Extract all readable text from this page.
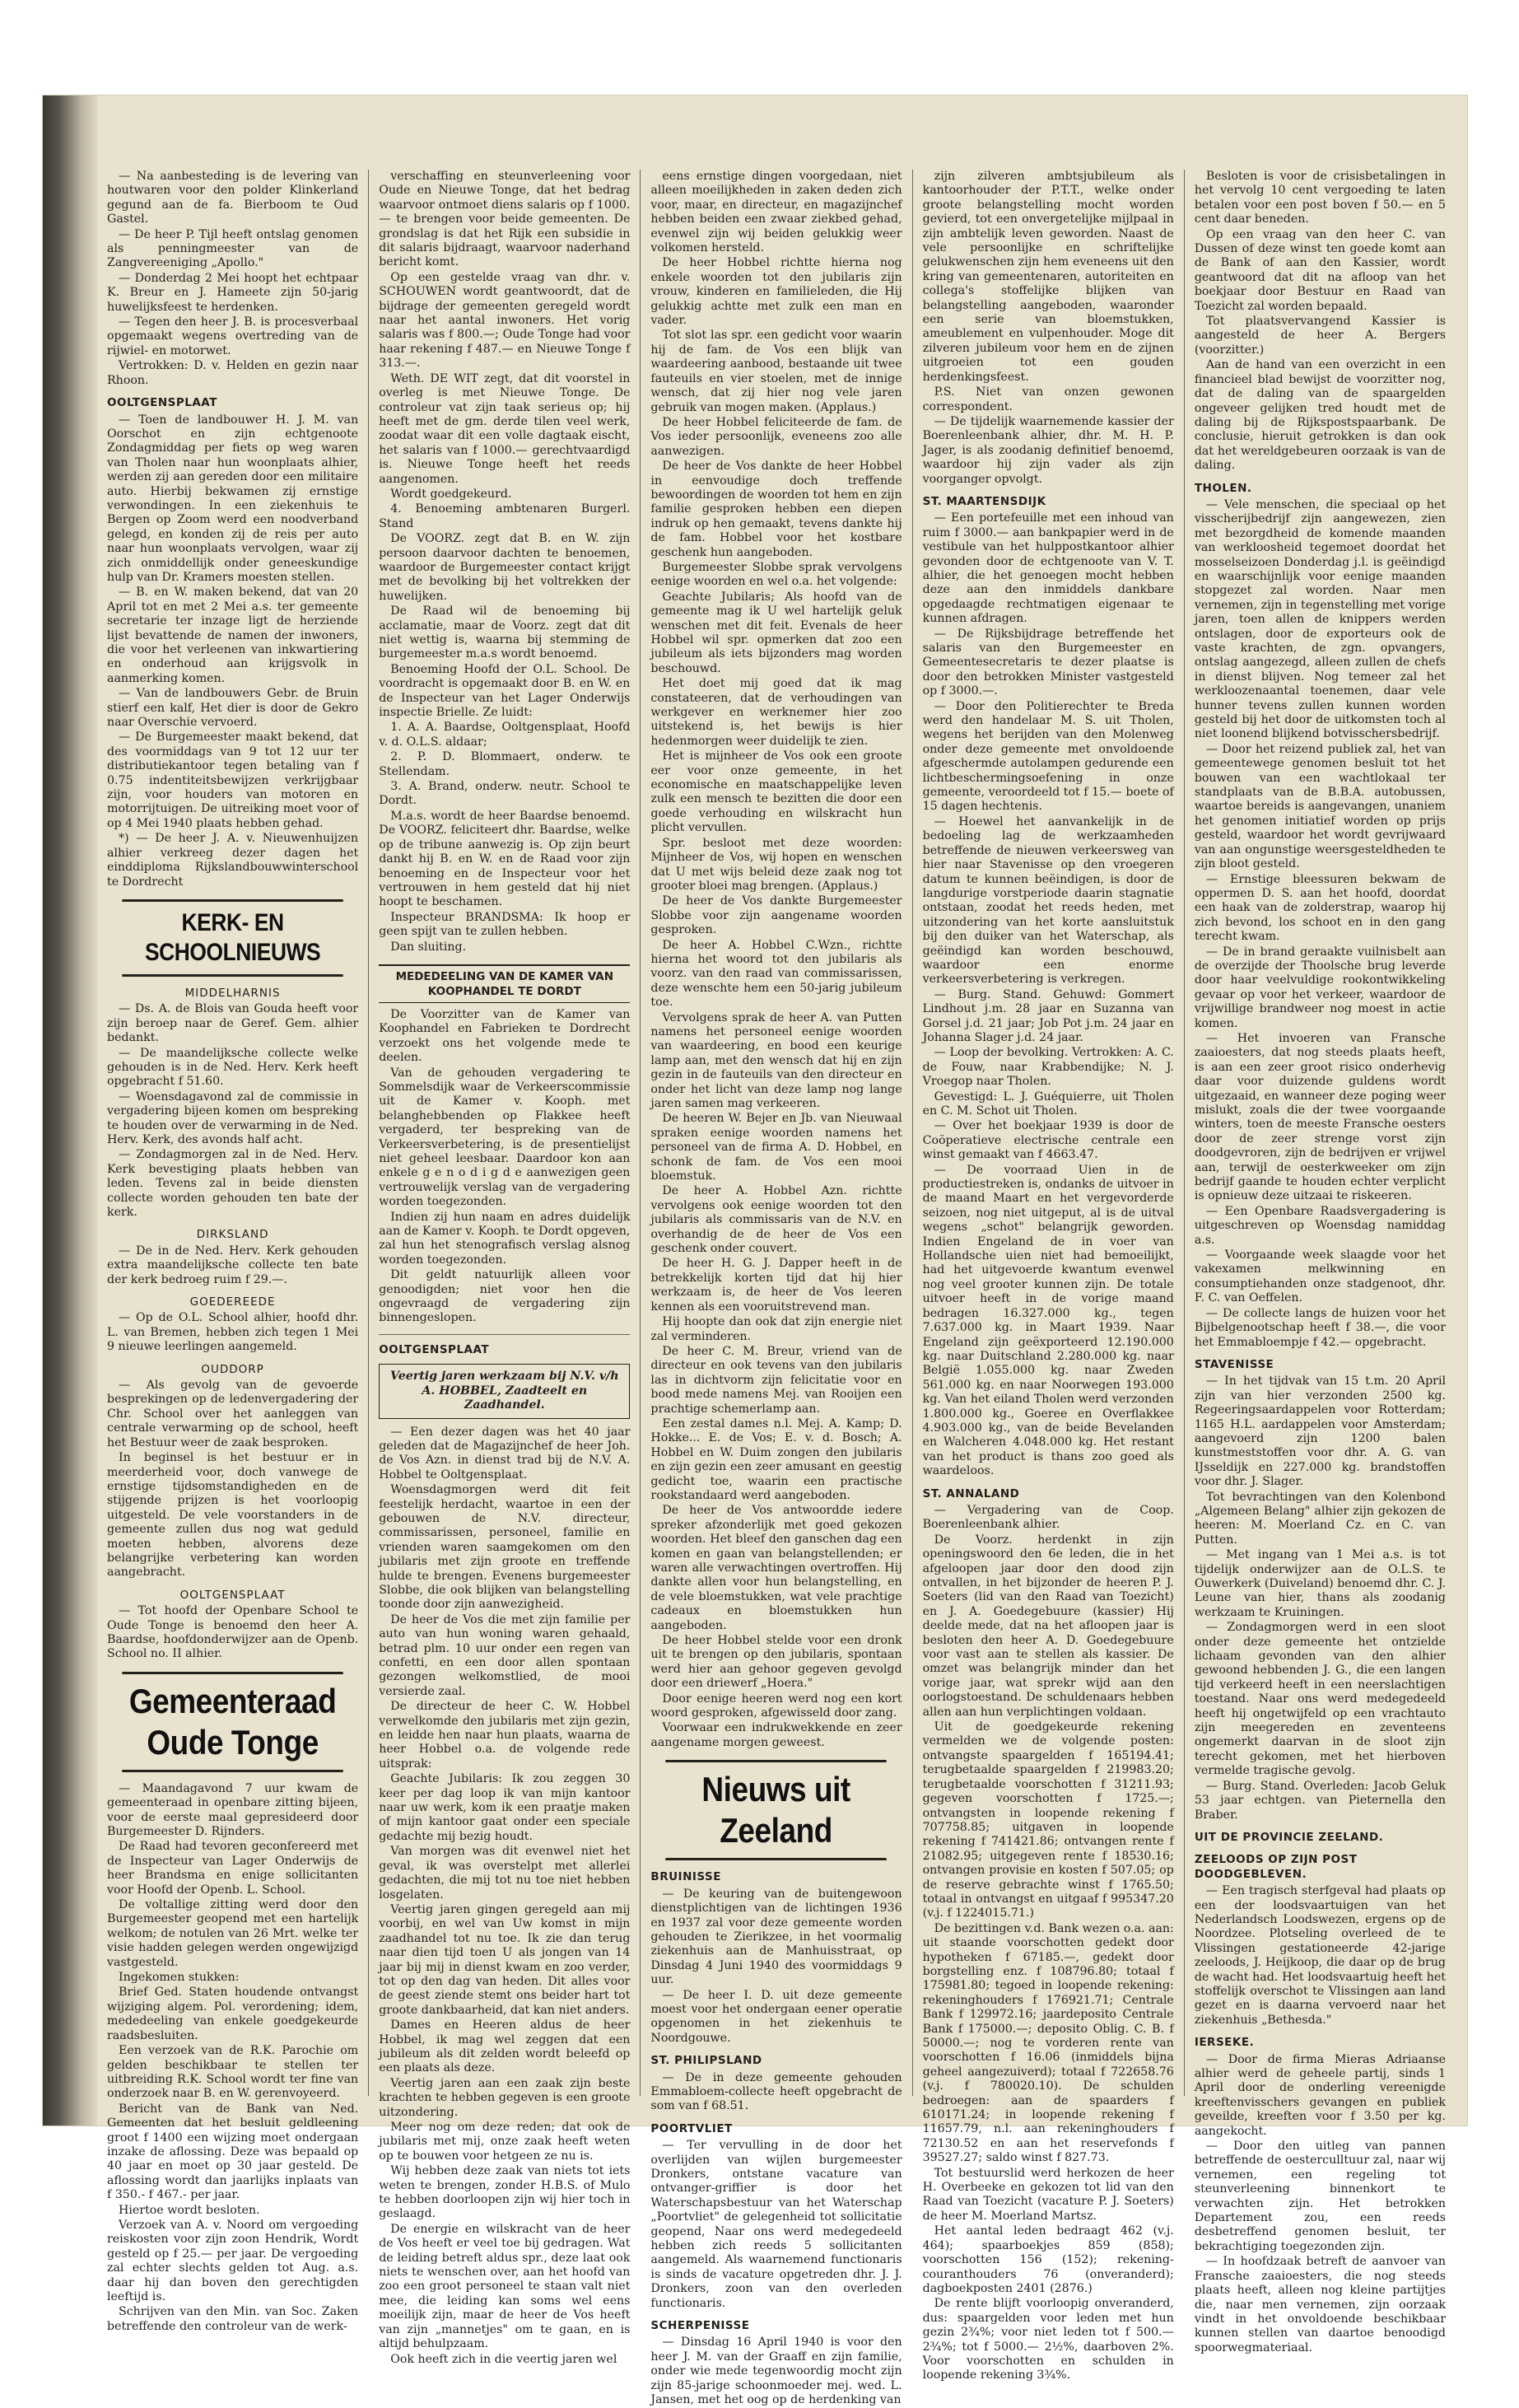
— Na aanbesteding is de levering van houtwaren voor den polder Klinkerland gegund aan de fa. Bierboom te Oud Gastel.

— De heer P. Tijl heeft ontslag genomen als penningmeester van de Zangvereeniging „Apollo."

— Donderdag 2 Mei hoopt het echtpaar K. Breur en J. Hameete zijn 50-jarig huwelijksfeest te herdenken.

— Tegen den heer J. B. is procesverbaal opgemaakt wegens overtreding van de rijwiel- en motorwet.

Vertrokken: D. v. Helden en gezin naar Rhoon.

OOLTGENSPLAAT

— Toen de landbouwer H. J. M. van Oorschot en zijn echtgenoote Zondagmiddag per fiets op weg waren van Tholen naar hun woonplaats alhier, werden zij aan gereden door een militaire auto. Hierbij bekwamen zij ernstige verwondingen. In een ziekenhuis te Bergen op Zoom werd een noodverband gelegd, en konden zij de reis per auto naar hun woonplaats vervolgen, waar zij zich onmiddellijk onder geneeskundige hulp van Dr. Kramers moesten stellen.

— B. en W. maken bekend, dat van 20 April tot en met 2 Mei a.s. ter gemeente secretarie ter inzage ligt de herziende lijst bevattende de namen der inwoners, die voor het verleenen van inkwartiering en onderhoud aan krijgsvolk in aanmerking komen.

— Van de landbouwers Gebr. de Bruin stierf een kalf, Het dier is door de Gekro naar Overschie vervoerd.

— De Burgemeester maakt bekend, dat des voormiddags van 9 tot 12 uur ter distributiekantoor tegen betaling van f 0.75 indentiteitsbewijzen verkrijgbaar zijn, voor houders van motoren en motorrijtuigen. De uitreiking moet voor of op 4 Mei 1940 plaats hebben gehad.

*) — De heer J. A. v. Nieuwenhuijzen alhier verkreeg dezer dagen het einddiploma Rijkslandbouwwinterschool te Dordrecht

KERK- EN SCHOOLNIEUWS
MIDDELHARNIS

— Ds. A. de Blois van Gouda heeft voor zijn beroep naar de Geref. Gem. alhier bedankt.

— De maandelijksche collecte welke gehouden is in de Ned. Herv. Kerk heeft opgebracht f 51.60.

— Woensdagavond zal de commissie in vergadering bijeen komen om bespreking te houden over de verwarming in de Ned. Herv. Kerk, des avonds half acht.

— Zondagmorgen zal in de Ned. Herv. Kerk bevestiging plaats hebben van leden. Tevens zal in beide diensten collecte worden gehouden ten bate der kerk.

DIRKSLAND

— De in de Ned. Herv. Kerk gehouden extra maandelijksche collecte ten bate der kerk bedroeg ruim f 29.—.

GOEDEREEDE

— Op de O.L. School alhier, hoofd dhr. L. van Bremen, hebben zich tegen 1 Mei 9 nieuwe leerlingen aangemeld.

OUDDORP

— Als gevolg van de gevoerde besprekingen op de ledenvergadering der Chr. School over het aanleggen van centrale verwarming op de school, heeft het Bestuur weer de zaak besproken.

In beginsel is het bestuur er in meerderheid voor, doch vanwege de ernstige tijdsomstandigheden en de stijgende prijzen is het voorloopig uitgesteld. De vele voorstanders in de gemeente zullen dus nog wat geduld moeten hebben, alvorens deze belangrijke verbetering kan worden aangebracht.

OOLTGENSPLAAT

— Tot hoofd der Openbare School te Oude Tonge is benoemd den heer A. Baardse, hoofdonderwijzer aan de Openb. School no. II alhier.

Gemeenteraad Oude Tonge

— Maandagavond 7 uur kwam de gemeenteraad in openbare zitting bijeen, voor de eerste maal gepresideerd door Burgemeester D. Rijnders.

De Raad had tevoren geconfereerd met de Inspecteur van Lager Onderwijs de heer Brandsma en enige sollicitanten voor Hoofd der Openb. L. School.

De voltallige zitting werd door den Burgemeester geopend met een hartelijk welkom; de notulen van 26 Mrt. welke ter visie hadden gelegen werden ongewijzigd vastgesteld.

Ingekomen stukken:

Brief Ged. Staten houdende ontvangst wijziging algem. Pol. verordening; idem, mededeeling van enkele goedgekeurde raadsbesluiten.

Een verzoek van de R.K. Parochie om gelden beschikbaar te stellen ter uitbreiding R.K. School wordt ter fine van onderzoek naar B. en W. gerenvoyeerd.

Bericht van de Bank van Ned. Gemeenten dat het besluit geldleening groot f 1400 een wijzing moet ondergaan inzake de aflossing. Deze was bepaald op 40 jaar en moet op 30 jaar gesteld. De aflossing wordt dan jaarlijks inplaats van f 350.- f 467.- per jaar.

Hiertoe wordt besloten.

Verzoek van A. v. Noord om vergoeding reiskosten voor zijn zoon Hendrik, Wordt gesteld op f 25.— per jaar. De vergoeding zal echter slechts gelden tot Aug. a.s. daar hij dan boven den gerechtigden leeftijd is.

Schrijven van den Min. van Soc. Zaken betreffende den controleur van de werk-

verschaffing en steunverleening voor Oude en Nieuwe Tonge, dat het bedrag waarvoor ontmoet diens salaris op f 1000.— te brengen voor beide gemeenten. De grondslag is dat het Rijk een subsidie in dit salaris bijdraagt, waarvoor naderhand bericht komt.

Op een gestelde vraag van dhr. v. SCHOUWEN wordt geantwoordt, dat de bijdrage der gemeenten geregeld wordt naar het aantal inwoners. Het vorig salaris was f 800.—; Oude Tonge had voor haar rekening f 487.— en Nieuwe Tonge f 313.—.

Weth. DE WIT zegt, dat dit voorstel in overleg is met Nieuwe Tonge. De controleur vat zijn taak serieus op; hij heeft met de gm. derde tilen veel werk, zoodat waar dit een volle dagtaak eischt, het salaris van f 1000.— gerechtvaardigd is. Nieuwe Tonge heeft het reeds aangenomen.

Wordt goedgekeurd.

4. Benoeming ambtenaren Burgerl. Stand

De VOORZ. zegt dat B. en W. zijn persoon daarvoor dachten te benoemen, waardoor de Burgemeester contact krijgt met de bevolking bij het voltrekken der huwelijken.

De Raad wil de benoeming bij acclamatie, maar de Voorz. zegt dat dit niet wettig is, waarna bij stemming de burgemeester m.a.s wordt benoemd.

Benoeming Hoofd der O.L. School. De voordracht is opgemaakt door B. en W. en de Inspecteur van het Lager Onderwijs inspectie Brielle. Ze luidt:

1. A. A. Baardse, Ooltgensplaat, Hoofd v. d. O.L.S. aldaar;

2. P. D. Blommaert, onderw. te Stellendam.

3. A. Brand, onderw. neutr. School te Dordt.

M.a.s. wordt de heer Baardse benoemd. De VOORZ. feliciteert dhr. Baardse, welke op de tribune aanwezig is. Op zijn beurt dankt hij B. en W. en de Raad voor zijn benoeming en de Inspecteur voor het vertrouwen in hem gesteld dat hij niet hoopt te beschamen.

Inspecteur BRANDSMA: Ik hoop er geen spijt van te zullen hebben.

Dan sluiting.

MEDEDEELING VAN DE KAMER VAN KOOPHANDEL TE DORDT

De Voorzitter van de Kamer van Koophandel en Fabrieken te Dordrecht verzoekt ons het volgende mede te deelen.

Van de gehouden vergadering te Sommelsdijk waar de Verkeerscommissie uit de Kamer v. Kooph. met belanghebbenden op Flakkee heeft vergaderd, ter bespreking van de Verkeersverbetering, is de presentielijst niet geheel leesbaar. Daardoor kon aan enkele g e n o d i g d e aanwezigen geen vertrouwelijk verslag van de vergadering worden toegezonden.

Indien zij hun naam en adres duidelijk aan de Kamer v. Kooph. te Dordt opgeven, zal hun het stenografisch verslag alsnog worden toegezonden.

Dit geldt natuurlijk alleen voor genoodigden; niet voor hen die ongevraagd de vergadering zijn binnengeslopen.

OOLTGENSPLAAT
Veertig jaren werkzaam bij N.V. v/h A. HOBBEL, Zaadteelt en Zaadhandel.

— Een dezer dagen was het 40 jaar geleden dat de Magazijnchef de heer Joh. de Vos Azn. in dienst trad bij de N.V. A. Hobbel te Ooltgensplaat.

Woensdagmorgen werd dit feit feestelijk herdacht, waartoe in een der gebouwen de N.V. directeur, commissarissen, personeel, familie en vrienden waren saamgekomen om den jubilaris met zijn groote en treffende hulde te brengen. Evenens burgemeester Slobbe, die ook blijken van belangstelling toonde door zijn aanwezigheid.

De heer de Vos die met zijn familie per auto van hun woning waren gehaald, betrad plm. 10 uur onder een regen van confetti, en een door allen spontaan gezongen welkomstlied, de mooi versierde zaal.

De directeur de heer C. W. Hobbel verwelkomde den jubilaris met zijn gezin, en leidde hen naar hun plaats, waarna de heer Hobbel o.a. de volgende rede uitsprak:

Geachte Jubilaris: Ik zou zeggen 30 keer per dag loop ik van mijn kantoor naar uw werk, kom ik een praatje maken of mijn kantoor gaat onder een speciale gedachte mij bezig houdt.

Van morgen was dit evenwel niet het geval, ik was overstelpt met allerlei gedachten, die mij tot nu toe niet hebben losgelaten.

Veertig jaren gingen geregeld aan mij voorbij, en wel van Uw komst in mijn zaadhandel tot nu toe. Ik zie dan terug naar dien tijd toen U als jongen van 14 jaar bij mij in dienst kwam en zoo verder, tot op den dag van heden. Dit alles voor de geest ziende stemt ons beider hart tot groote dankbaarheid, dat kan niet anders.

Dames en Heeren aldus de heer Hobbel, ik mag wel zeggen dat een jubileum als dit zelden wordt beleefd op een plaats als deze.

Veertig jaren aan een zaak zijn beste krachten te hebben gegeven is een groote uitzondering.

Meer nog om deze reden; dat ook de jubilaris met mij, onze zaak heeft weten op te bouwen voor hetgeen ze nu is.

Wij hebben deze zaak van niets tot iets weten te brengen, zonder H.B.S. of Mulo te hebben doorloopen zijn wij hier toch in geslaagd.

De energie en wilskracht van de heer de Vos heeft er veel toe bij gedragen. Wat de leiding betreft aldus spr., deze laat ook niets te wenschen over, aan het hoofd van zoo een groot personeel te staan valt niet mee, die leiding kan soms wel eens moeilijk zijn, maar de heer de Vos heeft van zijn „mannetjes" om te gaan, en is altijd behulpzaam.

Ook heeft zich in die veertig jaren wel

eens ernstige dingen voorgedaan, niet alleen moeilijkheden in zaken deden zich voor, maar, en directeur, en magazijnchef hebben beiden een zwaar ziekbed gehad, evenwel zijn wij beiden gelukkig weer volkomen hersteld.

De heer Hobbel richtte hierna nog enkele woorden tot den jubilaris zijn vrouw, kinderen en familieleden, die Hij gelukkig achtte met zulk een man en vader.

Tot slot las spr. een gedicht voor waarin hij de fam. de Vos een blijk van waardeering aanbood, bestaande uit twee fauteuils en vier stoelen, met de innige wensch, dat zij hier nog vele jaren gebruik van mogen maken. (Applaus.)

De heer Hobbel feliciteerde de fam. de Vos ieder persoonlijk, eveneens zoo alle aanwezigen.

De heer de Vos dankte de heer Hobbel in eenvoudige doch treffende bewoordingen de woorden tot hem en zijn familie gesproken hebben een diepen indruk op hen gemaakt, tevens dankte hij de fam. Hobbel voor het kostbare geschenk hun aangeboden.

Burgemeester Slobbe sprak vervolgens eenige woorden en wel o.a. het volgende:

Geachte Jubilaris; Als hoofd van de gemeente mag ik U wel hartelijk geluk wenschen met dit feit. Evenals de heer Hobbel wil spr. opmerken dat zoo een jubileum als iets bijzonders mag worden beschouwd.

Het doet mij goed dat ik mag constateeren, dat de verhoudingen van werkgever en werknemer hier zoo uitstekend is, het bewijs is hier hedenmorgen weer duidelijk te zien.

Het is mijnheer de Vos ook een groote eer voor onze gemeente, in het economische en maatschappelijke leven zulk een mensch te bezitten die door een goede verhouding en wilskracht hun plicht vervullen.

Spr. besloot met deze woorden: Mijnheer de Vos, wij hopen en wenschen dat U met wijs beleid deze zaak nog tot grooter bloei mag brengen. (Applaus.)

De heer de Vos dankte Burgemeester Slobbe voor zijn aangename woorden gesproken.

De heer A. Hobbel C.Wzn., richtte hierna het woord tot den jubilaris als voorz. van den raad van commissarissen, deze wenschte hem een 50-jarig jubileum toe.

Vervolgens sprak de heer A. van Putten namens het personeel eenige woorden van waardeering, en bood een keurige lamp aan, met den wensch dat hij en zijn gezin in de fauteuils van den directeur en onder het licht van deze lamp nog lange jaren samen mag verkeeren.

De heeren W. Bejer en Jb. van Nieuwaal spraken eenige woorden namens het personeel van de firma A. D. Hobbel, en schonk de fam. de Vos een mooi bloemstuk.

De heer A. Hobbel Azn. richtte vervolgens ook eenige woorden tot den jubilaris als commissaris van de N.V. en overhandig de de heer de Vos een geschenk onder couvert.

De heer H. G. J. Dapper heeft in de betrekkelijk korten tijd dat hij hier werkzaam is, de heer de Vos leeren kennen als een vooruitstrevend man.

Hij hoopte dan ook dat zijn energie niet zal verminderen.

De heer C. M. Breur, vriend van de directeur en ook tevens van den jubilaris las in dichtvorm zijn felicitatie voor en bood mede namens Mej. van Rooijen een prachtige schemerlamp aan.

Een zestal dames n.l. Mej. A. Kamp; D. Hokke... E. de Vos; E. v. d. Bosch; A. Hobbel en W. Duim zongen den jubilaris en zijn gezin een zeer amusant en geestig gedicht toe, waarin een practische rookstandaard werd aangeboden.

De heer de Vos antwoordde iedere spreker afzonderlijk met goed gekozen woorden. Het bleef den ganschen dag een komen en gaan van belangstellenden; er waren alle verwachtingen overtroffen. Hij dankte allen voor hun belangstelling, en de vele bloemstukken, wat vele prachtige cadeaux en bloemstukken hun aangeboden.

De heer Hobbel stelde voor een dronk uit te brengen op den jubilaris, spontaan werd hier aan gehoor gegeven gevolgd door een driewerf „Hoera."

Door eenige heeren werd nog een kort woord gesproken, afgewisseld door zang.

Voorwaar een indrukwekkende en zeer aangename morgen geweest.

Nieuws uit Zeeland
BRUINISSE

— De keuring van de buitengewoon dienstplichtigen van de lichtingen 1936 en 1937 zal voor deze gemeente worden gehouden te Zierikzee, in het voormalig ziekenhuis aan de Manhuisstraat, op Dinsdag 4 Juni 1940 des voormiddags 9 uur.

— De heer I. D. uit deze gemeente moest voor het ondergaan eener operatie opgenomen in het ziekenhuis te Noordgouwe.

ST. PHILIPSLAND

— De in deze gemeente gehouden Emmabloem-collecte heeft opgebracht de som van f 68.51.

POORTVLIET

— Ter vervulling in de door het overlijden van wijlen burgemeester Dronkers, ontstane vacature van ontvanger-griffier is door het Waterschapsbestuur van het Waterschap „Poortvliet" de gelegenheid tot sollicitatie geopend, Naar ons werd medegedeeld hebben zich reeds 5 sollicitanten aangemeld. Als waarnemend functionaris is sinds de vacature opgetreden dhr. J. J. Dronkers, zoon van den overleden functionaris.

SCHERPENISSE

— Dinsdag 16 April 1940 is voor den heer J. M. van der Graaff en zijn familie, onder wie mede tegenwoordig mocht zijn zijn 85-jarige schoonmoeder mej. wed. L. Jansen, met het oog op de herdenking van

zijn zilveren ambtsjubileum als kantoorhouder der P.T.T., welke onder groote belangstelling mocht worden gevierd, tot een onvergetelijke mijlpaal in zijn ambtelijk leven geworden. Naast de vele persoonlijke en schriftelijke gelukwenschen zijn hem eveneens uit den kring van gemeentenaren, autoriteiten en collega's stoffelijke blijken van belangstelling aangeboden, waaronder een serie van bloemstukken, ameublement en vulpenhouder. Moge dit zilveren jubileum voor hem en de zijnen uitgroeien tot een gouden herdenkingsfeest.

P.S. Niet van onzen gewonen correspondent.

— De tijdelijk waarnemende kassier der Boerenleenbank alhier, dhr. M. H. P. Jager, is als zoodanig definitief benoemd, waardoor hij zijn vader als zijn voorganger opvolgt.

ST. MAARTENSDIJK

— Een portefeuille met een inhoud van ruim f 3000.— aan bankpapier werd in de vestibule van het hulppostkantoor alhier gevonden door de echtgenoote van V. T. alhier, die het genoegen mocht hebben deze aan den inmiddels dankbare opgedaagde rechtmatigen eigenaar te kunnen afdragen.

— De Rijksbijdrage betreffende het salaris van den Burgemeester en Gemeentesecretaris te dezer plaatse is door den betrokken Minister vastgesteld op f 3000.—.

— Door den Politierechter te Breda werd den handelaar M. S. uit Tholen, wegens het berijden van den Molenweg onder deze gemeente met onvoldoende afgeschermde autolampen gedurende een lichtbeschermingsoefening in onze gemeente, veroordeeld tot f 15.— boete of 15 dagen hechtenis.

— Hoewel het aanvankelijk in de bedoeling lag de werkzaamheden betreffende de nieuwen verkeersweg van hier naar Stavenisse op den vroegeren datum te kunnen beëindigen, is door de langdurige vorstperiode daarin stagnatie ontstaan, zoodat het reeds heden, met uitzondering van het korte aansluitstuk bij den duiker van het Waterschap, als geëindigd kan worden beschouwd, waardoor een enorme verkeersverbetering is verkregen.

— Burg. Stand. Gehuwd: Gommert Lindhout j.m. 28 jaar en Suzanna van Gorsel j.d. 21 jaar; Job Pot j.m. 24 jaar en Johanna Slager j.d. 24 jaar.

— Loop der bevolking. Vertrokken: A. C. de Fouw, naar Krabbendijke; N. J. Vroegop naar Tholen.

Gevestigd: L. J. Guéquierre, uit Tholen en C. M. Schot uit Tholen.

— Over het boekjaar 1939 is door de Coöperatieve electrische centrale een winst gemaakt van f 4663.47.

— De voorraad Uien in de productiestreken is, ondanks de uitvoer in de maand Maart en het vergevorderde seizoen, nog niet uitgeput, al is de uitval wegens „schot" belangrijk geworden. Indien Engeland de in voer van Hollandsche uien niet had bemoeilijkt, had het uitgevoerde kwantum evenwel nog veel grooter kunnen zijn. De totale uitvoer heeft in de vorige maand bedragen 16.327.000 kg., tegen 7.637.000 kg. in Maart 1939. Naar Engeland zijn geëxporteerd 12.190.000 kg. naar Duitschland 2.280.000 kg. naar België 1.055.000 kg. naar Zweden 561.000 kg. en naar Noorwegen 193.000 kg. Van het eiland Tholen werd verzonden 1.800.000 kg., Goeree en Overflakkee 4.903.000 kg., van de beide Bevelanden en Walcheren 4.048.000 kg. Het restant van het product is thans zoo goed als waardeloos.

ST. ANNALAND

— Vergadering van de Coop. Boerenleenbank alhier.

De Voorz. herdenkt in zijn openingswoord den 6e leden, die in het afgeloopen jaar door den dood zijn ontvallen, in het bijzonder de heeren P. J. Soeters (lid van den Raad van Toezicht) en J. A. Goedegebuure (kassier) Hij deelde mede, dat na het afloopen jaar is besloten den heer A. D. Goedegebuure voor vast aan te stellen als kassier. De omzet was belangrijk minder dan het vorige jaar, wat sprekr wijd aan den oorlogstoestand. De schuldenaars hebben allen aan hun verplichtingen voldaan.

Uit de goedgekeurde rekening vermelden we de volgende posten: ontvangste spaargelden f 165194.41; terugbetaalde spaargelden f 219983.20; terugbetaalde voorschotten f 31211.93; gegeven voorschotten f 1725.—; ontvangsten in loopende rekening f 707758.85; uitgaven in loopende rekening f 741421.86; ontvangen rente f 21082.95; uitgegeven rente f 18530.16; ontvangen provisie en kosten f 507.05; op de reserve gebrachte winst f 1765.50; totaal in ontvangst en uitgaaf f 995347.20 (v.j. f 1224015.71.)

De bezittingen v.d. Bank wezen o.a. aan: uit staande voorschotten gedekt door hypotheken f 67185.—, gedekt door borgstelling enz. f 108796.80; totaal f 175981.80; tegoed in loopende rekening: rekeninghouders f 176921.71; Centrale Bank f 129972.16; jaardeposito Centrale Bank f 175000.—; deposito Oblig. C. B. f 50000.—; nog te vorderen rente van voorschotten f 16.06 (inmiddels bijna geheel aangezuiverd); totaal f 722658.76 (v.j. f 780020.10). De schulden bedroegen: aan de spaarders f 610171.24; in loopende rekening f 11657.79, n.l. aan rekeninghouders f 72130.52 en aan het reservefonds f 39527.27; saldo winst f 827.73.

Tot bestuurslid werd herkozen de heer H. Overbeeke en gekozen tot lid van den Raad van Toezicht (vacature P. J. Soeters) de heer M. Moerland Martsz.

Het aantal leden bedraagt 462 (v.j. 464); spaarboekjes 859 (858); voorschotten 156 (152); rekening-couranthouders 76 (onveranderd); dagboekposten 2401 (2876.)

De rente blijft voorloopig onveranderd, dus: spaargelden voor leden met hun gezin 2¾%; voor niet leden tot f 500.— 2¾%; tot f 5000.— 2½%, daarboven 2%. Voor voorschotten en schulden in loopende rekening 3¾%.

Besloten is voor de crisisbetalingen in het vervolg 10 cent vergoeding te laten betalen voor een post boven f 50.— en 5 cent daar beneden.

Op een vraag van den heer C. van Dussen of deze winst ten goede komt aan de Bank of aan den Kassier, wordt geantwoord dat dit na afloop van het boekjaar door Bestuur en Raad van Toezicht zal worden bepaald.

Tot plaatsvervangend Kassier is aangesteld de heer A. Bergers (voorzitter.)

Aan de hand van een overzicht in een financieel blad bewijst de voorzitter nog, dat de daling van de spaargelden ongeveer gelijken tred houdt met de daling bij de Rijkspostspaarbank. De conclusie, hieruit getrokken is dan ook dat het wereldgebeuren oorzaak is van de daling.

THOLEN.

— Vele menschen, die speciaal op het visscherijbedrijf zijn aangewezen, zien met bezorgdheid de komende maanden van werkloosheid tegemoet doordat het mosselseizoen Donderdag j.l. is geëindigd en waarschijnlijk voor eenige maanden stopgezet zal worden. Naar men vernemen, zijn in tegenstelling met vorige jaren, toen allen de knippers werden ontslagen, door de exporteurs ook de vaste krachten, de zgn. opvangers, ontslag aangezegd, alleen zullen de chefs in dienst blijven. Nog temeer zal het werkloozenaantal toenemen, daar vele hunner tevens zullen kunnen worden gesteld bij het door de uitkomsten toch al niet loonend blijkend botvisschersbedrijf.

— Door het reizend publiek zal, het van gemeentewege genomen besluit tot het bouwen van een wachtlokaal ter standplaats van de B.B.A. autobussen, waartoe bereids is aangevangen, unaniem het genomen initiatief worden op prijs gesteld, waardoor het wordt gevrijwaard van aan ongunstige weersgesteldheden te zijn bloot gesteld.

— Ernstige bleessuren bekwam de oppermen D. S. aan het hoofd, doordat een haak van de zolderstrap, waarop hij zich bevond, los schoot en in den gang terecht kwam.

— De in brand geraakte vuilnisbelt aan de overzijde der Thoolsche brug leverde door haar veelvuldige rookontwikkeling gevaar op voor het verkeer, waardoor de vrijwillige brandweer nog moest in actie komen.

— Het invoeren van Fransche zaaioesters, dat nog steeds plaats heeft, is aan een zeer groot risico onderhevig daar voor duizende guldens wordt uitgezaaid, en wanneer deze poging weer mislukt, zoals die der twee voorgaande winters, toen de meeste Fransche oesters door de zeer strenge vorst zijn doodgevroren, zijn de bedrijven er vrijwel aan, terwijl de oesterkweeker om zijn bedrijf gaande te houden echter verplicht is opnieuw deze uitzaai te riskeeren.

— Een Openbare Raadsvergadering is uitgeschreven op Woensdag namiddag a.s.

— Voorgaande week slaagde voor het vakexamen melkwinning en consumptiehanden onze stadgenoot, dhr. F. C. van Oeffelen.

— De collecte langs de huizen voor het Bijbelgenootschap heeft f 38.—, die voor het Emmabloempje f 42.— opgebracht.

STAVENISSE

— In het tijdvak van 15 t.m. 20 April zijn van hier verzonden 2500 kg. Regeeringsaardappelen voor Rotterdam; 1165 H.L. aardappelen voor Amsterdam; aangevoerd zijn 1200 balen kunstmeststoffen voor dhr. A. G. van IJsseldijk en 227.000 kg. brandstoffen voor dhr. J. Slager.

Tot bevrachtingen van den Kolenbond „Algemeen Belang" alhier zijn gekozen de heeren: M. Moerland Cz. en C. van Putten.

— Met ingang van 1 Mei a.s. is tot tijdelijk onderwijzer aan de O.L.S. te Ouwerkerk (Duiveland) benoemd dhr. C. J. Leune van hier, thans als zoodanig werkzaam te Kruiningen.

— Zondagmorgen werd in een sloot onder deze gemeente het ontzielde lichaam gevonden van den alhier gewoond hebbenden J. G., die een langen tijd verkeerd heeft in een neerslachtigen toestand. Naar ons werd medegedeeld heeft hij ongetwijfeld op een vrachtauto zijn meegereden en zeventeens ongemerkt daarvan in de sloot zijn terecht gekomen, met het hierboven vermelde tragische gevolg.

— Burg. Stand. Overleden: Jacob Geluk 53 jaar echtgen. van Pieternella den Braber.

UIT DE PROVINCIE ZEELAND.
ZEELOODS OP ZIJN POST DOODGEBLEVEN.

— Een tragisch sterfgeval had plaats op een der loodsvaartuigen van het Nederlandsch Loodswezen, ergens op de Noordzee. Plotseling overleed de te Vlissingen gestationeerde 42-jarige zeeloods, J. Heijkoop, die daar op de brug de wacht had. Het loodsvaartuig heeft het stoffelijk overschot te Vlissingen aan land gezet en is daarna vervoerd naar het ziekenhuis „Bethesda."

IERSEKE.

— Door de firma Mieras Adriaanse alhier werd de geheele partij, sinds 1 April door de onderling vereenigde kreeftenvisschers gevangen en publiek geveilde, kreeften voor f 3.50 per kg. aangekocht.

— Door den uitleg van pannen betreffende de oesterculltuur zal, naar wij vernemen, een regeling tot steunverleening binnenkort te verwachten zijn. Het betrokken Departement zou, een reeds desbetreffend genomen besluit, ter bekrachtiging toegezonden zijn.

— In hoofdzaak betreft de aanvoer van Fransche zaaioesters, die nog steeds plaats heeft, alleen nog kleine partijtjes die, naar men vernemen, zijn oorzaak vindt in het onvoldoende beschikbaar kunnen stellen van daartoe benoodigd spoorwegmateriaal.
